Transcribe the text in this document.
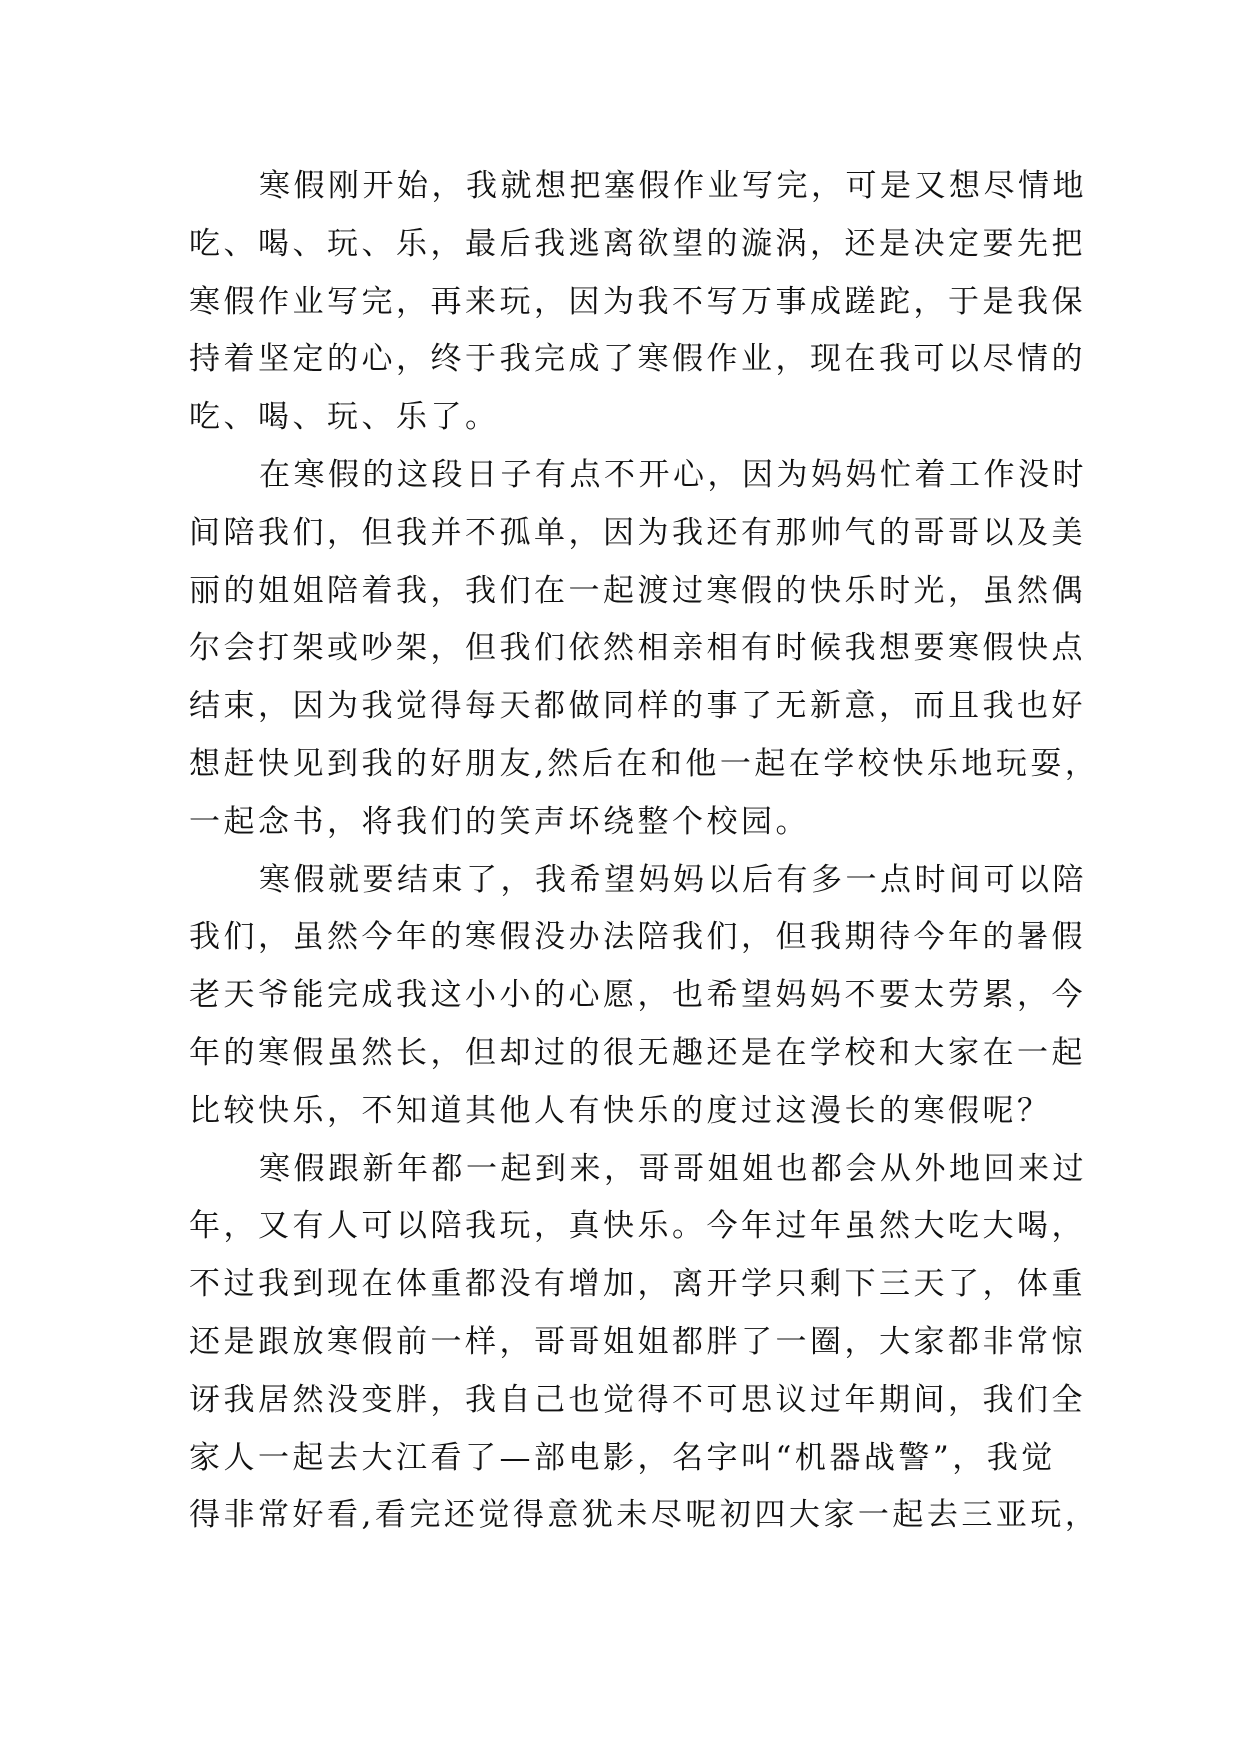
寒假刚开始，我就想把塞假作业写完，可是又想尽情地
吃、喝、玩、乐，最后我逃离欲望的漩涡，还是决定要先把
寒假作业写完，再来玩，因为我不写万事成蹉跎，于是我保
持着坚定的心，终于我完成了寒假作业，现在我可以尽情的
吃、喝、玩、乐了。
在寒假的这段日子有点不开心，因为妈妈忙着工作没时
间陪我们，但我并不孤单，因为我还有那帅气的哥哥以及美
丽的姐姐陪着我，我们在一起渡过寒假的快乐时光，虽然偶
尔会打架或吵架，但我们依然相亲相有时候我想要寒假快点
结束，因为我觉得每天都做同样的事了无新意，而且我也好
想赶快见到我的好朋友,然后在和他一起在学校快乐地玩耍，
一起念书，将我们的笑声坏绕整个校园。
寒假就要结束了，我希望妈妈以后有多一点时间可以陪
我们，虽然今年的寒假没办法陪我们，但我期待今年的暑假
老天爷能完成我这小小的心愿，也希望妈妈不要太劳累，今
年的寒假虽然长，但却过的很无趣还是在学校和大家在一起
比较快乐，不知道其他人有快乐的度过这漫长的寒假呢？
寒假跟新年都一起到来，哥哥姐姐也都会从外地回来过
年，又有人可以陪我玩，真快乐。今年过年虽然大吃大喝，
不过我到现在体重都没有增加，离开学只剩下三天了，体重
还是跟放寒假前一样，哥哥姐姐都胖了一圈，大家都非常惊
讶我居然没变胖，我自己也觉得不可思议过年期间，我们全
家人一起去大江看了—部电影，名字叫“机器战警”，我觉
得非常好看,看完还觉得意犹未尽呢初四大家一起去三亚玩，
